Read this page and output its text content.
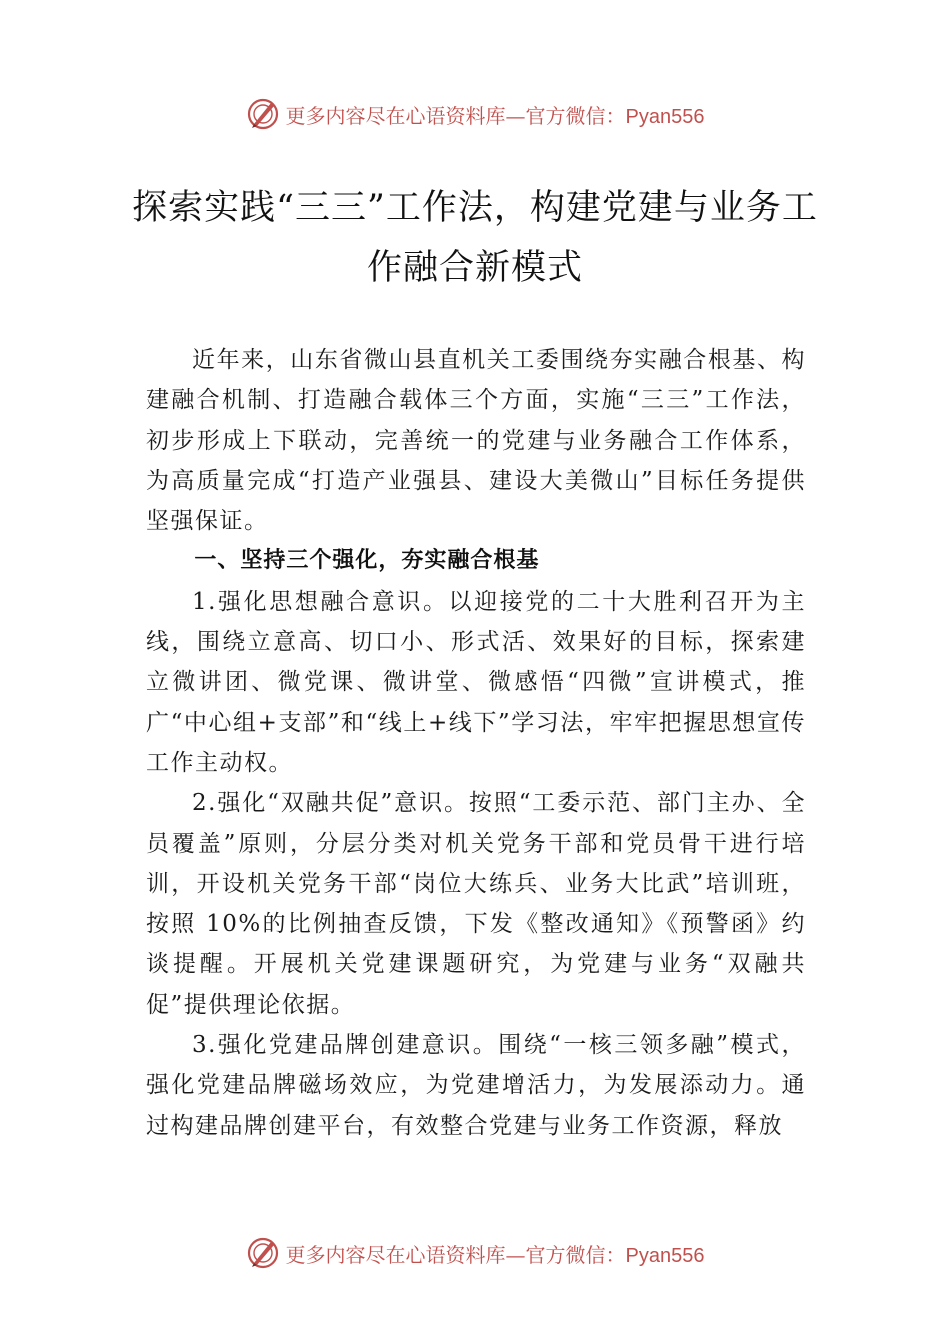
更多内容尽在心语资料库—官方微信：Pyan556
探索实践“三三”工作法，构建党建与业务工作融合新模式

近年来，山东省微山县直机关工委围绕夯实融合根基、构建融合机制、打造融合载体三个方面，实施“三三”工作法，初步形成上下联动，完善统一的党建与业务融合工作体系，为高质量完成“打造产业强县、建设大美微山”目标任务提供坚强保证。

一、坚持三个强化，夯实融合根基

1.强化思想融合意识。以迎接党的二十大胜利召开为主线，围绕立意高、切口小、形式活、效果好的目标，探索建立微讲团、微党课、微讲堂、微感悟“四微”宣讲模式，推广“中心组+支部”和“线上+线下”学习法，牢牢把握思想宣传工作主动权。

2.强化“双融共促”意识。按照“工委示范、部门主办、全员覆盖”原则，分层分类对机关党务干部和党员骨干进行培训，开设机关党务干部“岗位大练兵、业务大比武”培训班，按照 10%的比例抽查反馈，下发《整改通知》《预警函》约谈提醒。开展机关党建课题研究，为党建与业务“双融共促”提供理论依据。

3.强化党建品牌创建意识。围绕“一核三领多融”模式，强化党建品牌磁场效应，为党建增活力，为发展添动力。通过构建品牌创建平台，有效整合党建与业务工作资源，释放

更多内容尽在心语资料库—官方微信：Pyan556
